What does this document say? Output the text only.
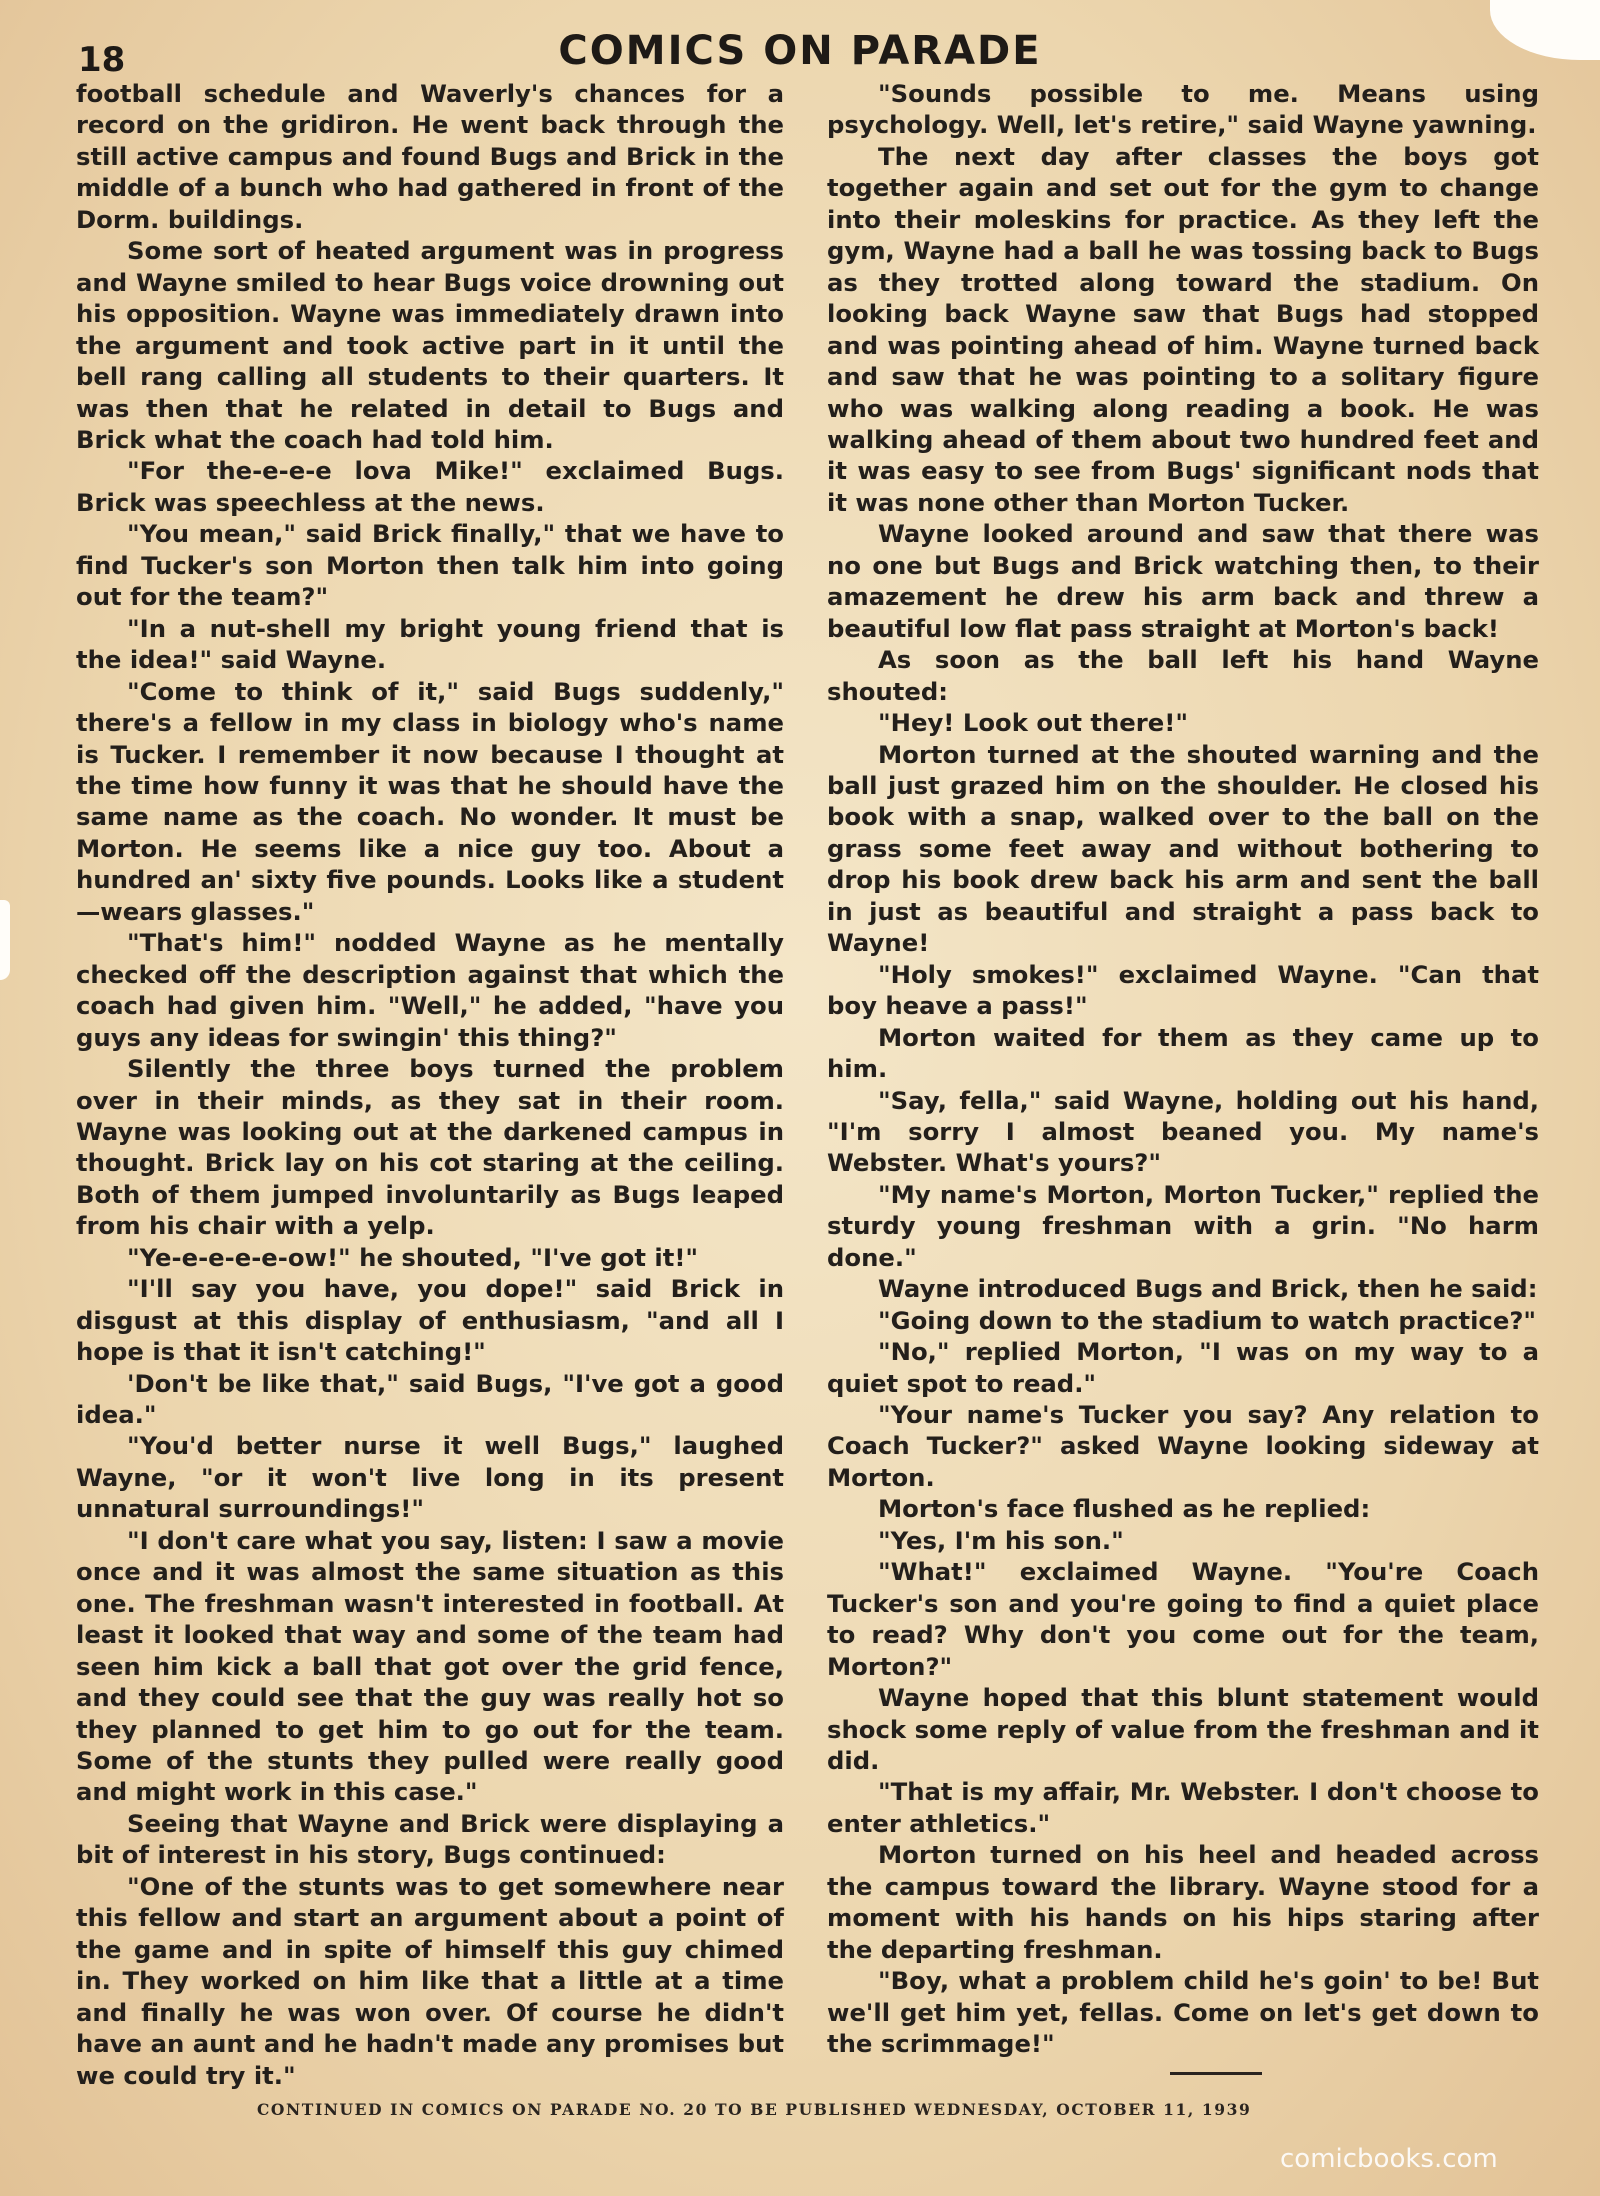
18	COMICS ON PARADE

football schedule and Waverly's chances for a record on the gridiron. He went back through the still active campus and found Bugs and Brick in the middle of a bunch who had gathered in front of the Dorm. buildings.

Some sort of heated argument was in progress and Wayne smiled to hear Bugs voice drowning out his opposition. Wayne was immediately drawn into the argument and took active part in it until the bell rang calling all students to their quarters. It was then that he related in detail to Bugs and Brick what the coach had told him.

"For the-e-e-e lova Mike!" exclaimed Bugs. Brick was speechless at the news.

"You mean," said Brick finally," that we have to find Tucker's son Morton then talk him into going out for the team?"

"In a nut-shell my bright young friend that is the idea!" said Wayne.

"Come to think of it," said Bugs suddenly," there's a fellow in my class in biology who's name is Tucker. I remember it now because I thought at the time how funny it was that he should have the same name as the coach. No wonder. It must be Morton. He seems like a nice guy too. About a hundred an' sixty five pounds. Looks like a student —wears glasses."

"That's him!" nodded Wayne as he mentally checked off the description against that which the coach had given him. "Well," he added, "have you guys any ideas for swingin' this thing?"

Silently the three boys turned the problem over in their minds, as they sat in their room. Wayne was looking out at the darkened campus in thought. Brick lay on his cot staring at the ceiling. Both of them jumped involuntarily as Bugs leaped from his chair with a yelp.

"Ye-e-e-e-e-ow!" he shouted, "I've got it!"

"I'll say you have, you dope!" said Brick in disgust at this display of enthusiasm, "and all I hope is that it isn't catching!"

'Don't be like that," said Bugs, "I've got a good idea."

"You'd better nurse it well Bugs," laughed Wayne, "or it won't live long in its present unnatural surroundings!"

"I don't care what you say, listen: I saw a movie once and it was almost the same situation as this one. The freshman wasn't interested in football. At least it looked that way and some of the team had seen him kick a ball that got over the grid fence, and they could see that the guy was really hot so they planned to get him to go out for the team. Some of the stunts they pulled were really good and might work in this case."

Seeing that Wayne and Brick were displaying a bit of interest in his story, Bugs continued:

"One of the stunts was to get somewhere near this fellow and start an argument about a point of the game and in spite of himself this guy chimed in. They worked on him like that a little at a time and finally he was won over. Of course he didn't have an aunt and he hadn't made any promises but we could try it."

"Sounds possible to me. Means using psychology. Well, let's retire," said Wayne yawning.

The next day after classes the boys got together again and set out for the gym to change into their moleskins for practice. As they left the gym, Wayne had a ball he was tossing back to Bugs as they trotted along toward the stadium. On looking back Wayne saw that Bugs had stopped and was pointing ahead of him. Wayne turned back and saw that he was pointing to a solitary figure who was walking along reading a book. He was walking ahead of them about two hundred feet and it was easy to see from Bugs' significant nods that it was none other than Morton Tucker.

Wayne looked around and saw that there was no one but Bugs and Brick watching then, to their amazement he drew his arm back and threw a beautiful low flat pass straight at Morton's back!

As soon as the ball left his hand Wayne shouted:

"Hey! Look out there!"

Morton turned at the shouted warning and the ball just grazed him on the shoulder. He closed his book with a snap, walked over to the ball on the grass some feet away and without bothering to drop his book drew back his arm and sent the ball in just as beautiful and straight a pass back to Wayne!

"Holy smokes!" exclaimed Wayne. "Can that boy heave a pass!"

Morton waited for them as they came up to him.

"Say, fella," said Wayne, holding out his hand, "I'm sorry I almost beaned you. My name's Webster. What's yours?"

"My name's Morton, Morton Tucker," replied the sturdy young freshman with a grin. "No harm done."

Wayne introduced Bugs and Brick, then he said:

"Going down to the stadium to watch practice?"

"No," replied Morton, "I was on my way to a quiet spot to read."

"Your name's Tucker you say? Any relation to Coach Tucker?" asked Wayne looking sideway at Morton.

Morton's face flushed as he replied:

"Yes, I'm his son."

"What!" exclaimed Wayne. "You're Coach Tucker's son and you're going to find a quiet place to read? Why don't you come out for the team, Morton?"

Wayne hoped that this blunt statement would shock some reply of value from the freshman and it did.

"That is my affair, Mr. Webster. I don't choose to enter athletics."

Morton turned on his heel and headed across the campus toward the library. Wayne stood for a moment with his hands on his hips staring after the departing freshman.

"Boy, what a problem child he's goin' to be! But we'll get him yet, fellas. Come on let's get down to the scrimmage!"

CONTINUED IN COMICS ON PARADE NO. 20 TO BE PUBLISHED WEDNESDAY, OCTOBER 11, 1939
comicbooks.com
